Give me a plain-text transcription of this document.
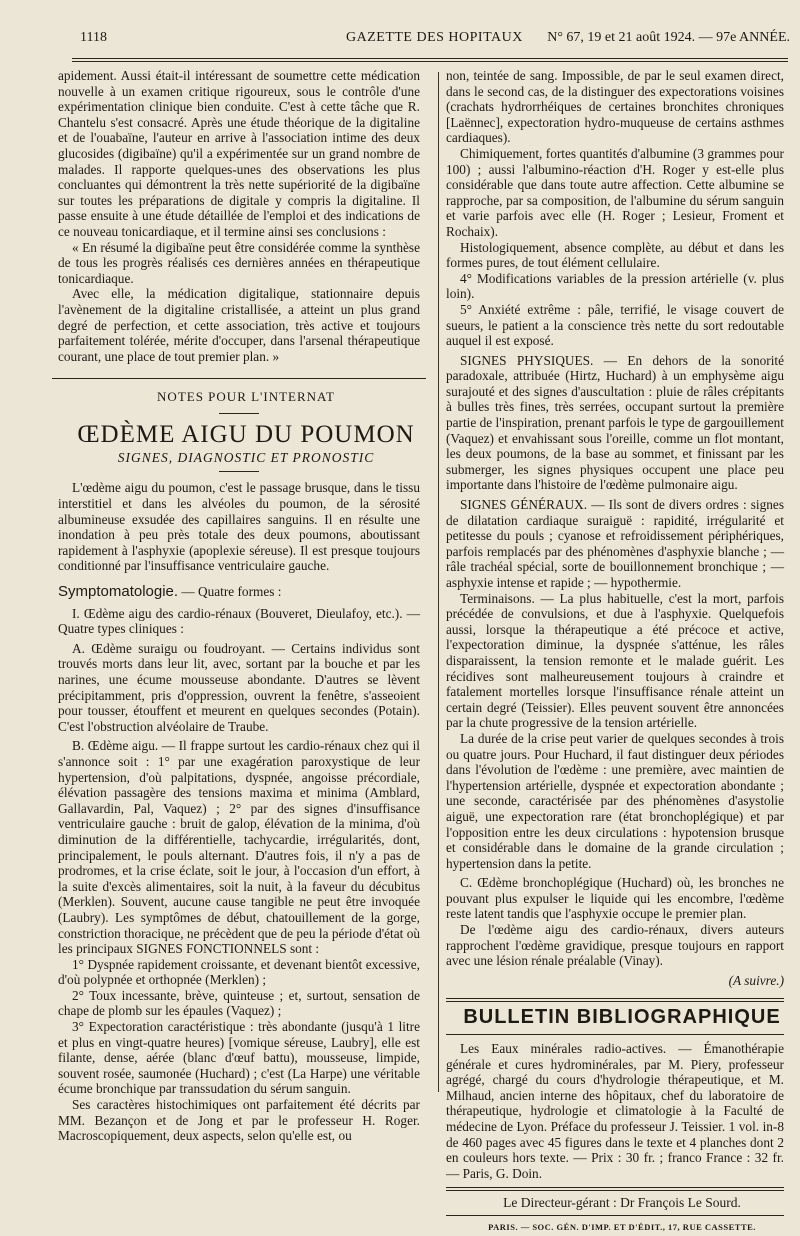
1118	GAZETTE DES HOPITAUX N° 67, 19 et 21 août 1924. — 97e ANNÉE.

apidement. Aussi était-il intéressant de soumettre cette médication nouvelle à un examen critique rigoureux, sous le contrôle d'une expérimentation clinique bien conduite. C'est à cette tâche que R. Chantelu s'est consacré. Après une étude théorique de la digitaline et de l'ouabaïne, l'auteur en arrive à l'association intime des deux glucosides (digibaïne) qu'il a expérimentée sur un grand nombre de malades. Il rapporte quelques-unes des observations les plus concluantes qui démontrent la très nette supériorité de la digibaïne sur toutes les préparations de digitale y compris la digitaline. Il passe ensuite à une étude détaillée de l'emploi et des indications de ce nouveau tonicardiaque, et il termine ainsi ses conclusions :

« En résumé la digibaïne peut être considérée comme la synthèse de tous les progrès réalisés ces dernières années en thérapeutique tonicardiaque.

Avec elle, la médication digitalique, stationnaire depuis l'avènement de la digitaline cristallisée, a atteint un plus grand degré de perfection, et cette association, très active et toujours parfaitement tolérée, mérite d'occuper, dans l'arsenal thérapeutique courant, une place de tout premier plan. »

NOTES POUR L'INTERNAT

ŒDÈME AIGU DU POUMON

SIGNES, DIAGNOSTIC ET PRONOSTIC

L'œdème aigu du poumon, c'est le passage brusque, dans le tissu interstitiel et dans les alvéoles du poumon, de la sérosité albumineuse exsudée des capillaires sanguins. Il en résulte une inondation à peu près totale des deux poumons, aboutissant rapidement à l'asphyxie (apoplexie séreuse). Il est presque toujours conditionné par l'insuffisance ventriculaire gauche.

Symptomatologie. — Quatre formes :

I. Œdème aigu des cardio-rénaux (Bouveret, Dieulafoy, etc.). — Quatre types cliniques :

A. Œdème suraigu ou foudroyant. — Certains individus sont trouvés morts dans leur lit, avec, sortant par la bouche et par les narines, une écume mousseuse abondante. D'autres se lèvent précipitamment, pris d'oppression, ouvrent la fenêtre, s'asseoient pour tousser, étouffent et meurent en quelques secondes (Potain). C'est l'obstruction alvéolaire de Traube.

B. Œdème aigu. — Il frappe surtout les cardio-rénaux chez qui il s'annonce soit : 1° par une exagération paroxystique de leur hypertension, d'où palpitations, dyspnée, angoisse précordiale, élévation passagère des tensions maxima et minima (Amblard, Gallavardin, Pal, Vaquez) ; 2° par des signes d'insuffisance ventriculaire gauche : bruit de galop, élévation de la minima, d'où diminution de la différentielle, tachycardie, irrégularités, dont, principalement, le pouls alternant. D'autres fois, il n'y a pas de prodromes, et la crise éclate, soit le jour, à l'occasion d'un effort, à la suite d'excès alimentaires, soit la nuit, à la faveur du décubitus (Merklen). Souvent, aucune cause tangible ne peut être invoquée (Laubry). Les symptômes de début, chatouillement de la gorge, constriction thoracique, ne précèdent que de peu la période d'état où les principaux SIGNES FONCTIONNELS sont :

1° Dyspnée rapidement croissante, et devenant bientôt excessive, d'où polypnée et orthopnée (Merklen) ;

2° Toux incessante, brève, quinteuse ; et, surtout, sensation de chape de plomb sur les épaules (Vaquez) ;

3° Expectoration caractéristique : très abondante (jusqu'à 1 litre et plus en vingt-quatre heures) [vomique séreuse, Laubry], elle est filante, dense, aérée (blanc d'œuf battu), mousseuse, limpide, souvent rosée, saumonée (Huchard) ; c'est (La Harpe) une véritable écume bronchique par transsudation du sérum sanguin.

Ses caractères histochimiques ont parfaitement été décrits par MM. Bezançon et de Jong et par le professeur H. Roger. Macroscopiquement, deux aspects, selon qu'elle est, ou

non, teintée de sang. Impossible, de par le seul examen direct, dans le second cas, de la distinguer des expectorations voisines (crachats hydrorrhéiques de certaines bronchites chroniques [Laënnec], expectoration hydro-muqueuse de certains asthmes cardiaques).

Chimiquement, fortes quantités d'albumine (3 grammes pour 100) ; aussi l'albumino-réaction d'H. Roger y est-elle plus considérable que dans toute autre affection. Cette albumine se rapproche, par sa composition, de l'albumine du sérum sanguin et varie parfois avec elle (H. Roger ; Lesieur, Froment et Rochaix).

Histologiquement, absence complète, au début et dans les formes pures, de tout élément cellulaire.

4° Modifications variables de la pression artérielle (v. plus loin).

5° Anxiété extrême : pâle, terrifié, le visage couvert de sueurs, le patient a la conscience très nette du sort redoutable auquel il est exposé.

SIGNES PHYSIQUES. — En dehors de la sonorité paradoxale, attribuée (Hirtz, Huchard) à un emphysème aigu surajouté et des signes d'auscultation : pluie de râles crépitants à bulles très fines, très serrées, occupant surtout la première partie de l'inspiration, prenant parfois le type de gargouillement (Vaquez) et envahissant sous l'oreille, comme un flot montant, les deux poumons, de la base au sommet, et finissant par les submerger, les signes physiques occupent une place peu importante dans l'histoire de l'œdème pulmonaire aigu.

SIGNES GÉNÉRAUX. — Ils sont de divers ordres : signes de dilatation cardiaque suraiguë : rapidité, irrégularité et petitesse du pouls ; cyanose et refroidissement périphériques, parfois remplacés par des phénomènes d'asphyxie blanche ; — râle trachéal spécial, sorte de bouillonnement bronchique ; — asphyxie intense et rapide ; — hypothermie.

Terminaisons. — La plus habituelle, c'est la mort, parfois précédée de convulsions, et due à l'asphyxie. Quelquefois aussi, lorsque la thérapeutique a été précoce et active, l'expectoration diminue, la dyspnée s'atténue, les râles disparaissent, la tension remonte et le malade guérit. Les récidives sont malheureusement toujours à craindre et fatalement mortelles lorsque l'insuffisance rénale atteint un certain degré (Teissier). Elles peuvent souvent être annoncées par la chute progressive de la tension artérielle.

La durée de la crise peut varier de quelques secondes à trois ou quatre jours. Pour Huchard, il faut distinguer deux périodes dans l'évolution de l'œdème : une première, avec maintien de l'hypertension artérielle, dyspnée et expectoration abondante ; une seconde, caractérisée par des phénomènes d'asystolie aiguë, une expectoration rare (état bronchoplégique) et par l'opposition entre les deux circulations : hypotension brusque et considérable dans le domaine de la grande circulation ; hypertension dans la petite.

C. Œdème bronchoplégique (Huchard) où, les bronches ne pouvant plus expulser le liquide qui les encombre, l'œdème reste latent tandis que l'asphyxie occupe le premier plan.

De l'œdème aigu des cardio-rénaux, divers auteurs rapprochent l'œdème gravidique, presque toujours en rapport avec une lésion rénale préalable (Vinay).

(A suivre.)

BULLETIN BIBLIOGRAPHIQUE

Les Eaux minérales radio-actives. — Émanothérapie générale et cures hydrominérales, par M. Piery, professeur agrégé, chargé du cours d'hydrologie thérapeutique, et M. Milhaud, ancien interne des hôpitaux, chef du laboratoire de thérapeutique, hydrologie et climatologie à la Faculté de médecine de Lyon. Préface du professeur J. Teissier. 1 vol. in-8 de 460 pages avec 45 figures dans le texte et 4 planches dont 2 en couleurs hors texte. — Prix : 30 fr. ; franco France : 32 fr. — Paris, G. Doin.

Le Directeur-gérant : Dr François Le Sourd.

PARIS. — SOC. GÉN. D'IMP. ET D'ÉDIT., 17, RUE CASSETTE.
